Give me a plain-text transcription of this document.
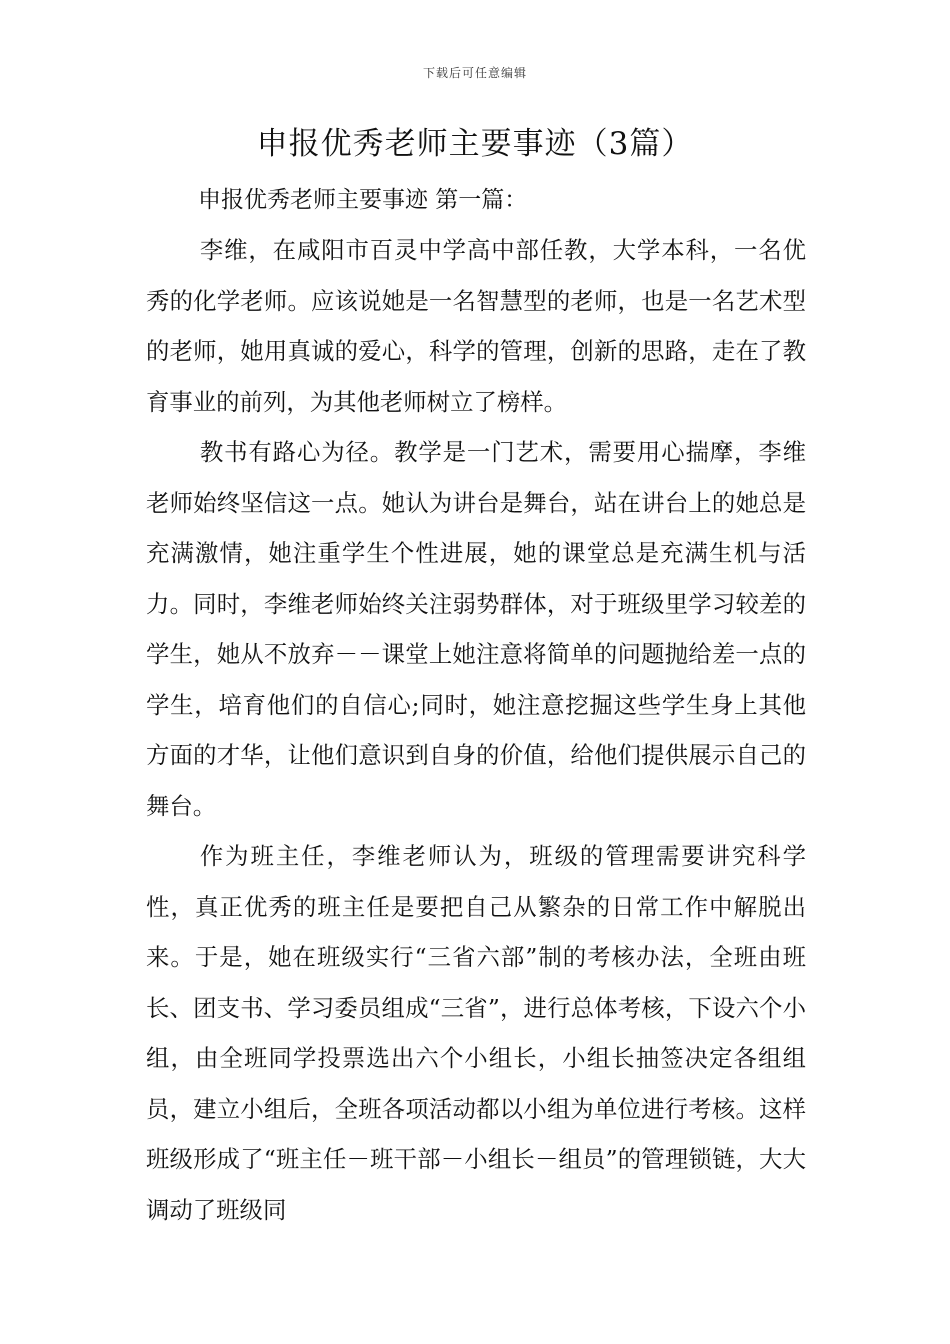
下载后可任意编辑
申报优秀老师主要事迹（3篇）
申报优秀老师主要事迹 第一篇：

李维，在咸阳市百灵中学高中部任教，大学本科，一名优秀的化学老师。应该说她是一名智慧型的老师，也是一名艺术型的老师，她用真诚的爱心，科学的管理，创新的思路，走在了教育事业的前列，为其他老师树立了榜样。

教书有路心为径。教学是一门艺术，需要用心揣摩，李维老师始终坚信这一点。她认为讲台是舞台，站在讲台上的她总是充满激情，她注重学生个性进展，她的课堂总是充满生机与活力。同时，李维老师始终关注弱势群体，对于班级里学习较差的学生，她从不放弃－－课堂上她注意将简单的问题抛给差一点的学生，培育他们的自信心;同时，她注意挖掘这些学生身上其他方面的才华，让他们意识到自身的价值，给他们提供展示自己的舞台。

作为班主任，李维老师认为，班级的管理需要讲究科学性，真正优秀的班主任是要把自己从繁杂的日常工作中解脱出来。于是，她在班级实行“三省六部”制的考核办法，全班由班长、团支书、学习委员组成“三省”，进行总体考核，下设六个小组，由全班同学投票选出六个小组长，小组长抽签决定各组组员，建立小组后，全班各项活动都以小组为单位进行考核。这样班级形成了“班主任－班干部－小组长－组员”的管理锁链，大大调动了班级同
